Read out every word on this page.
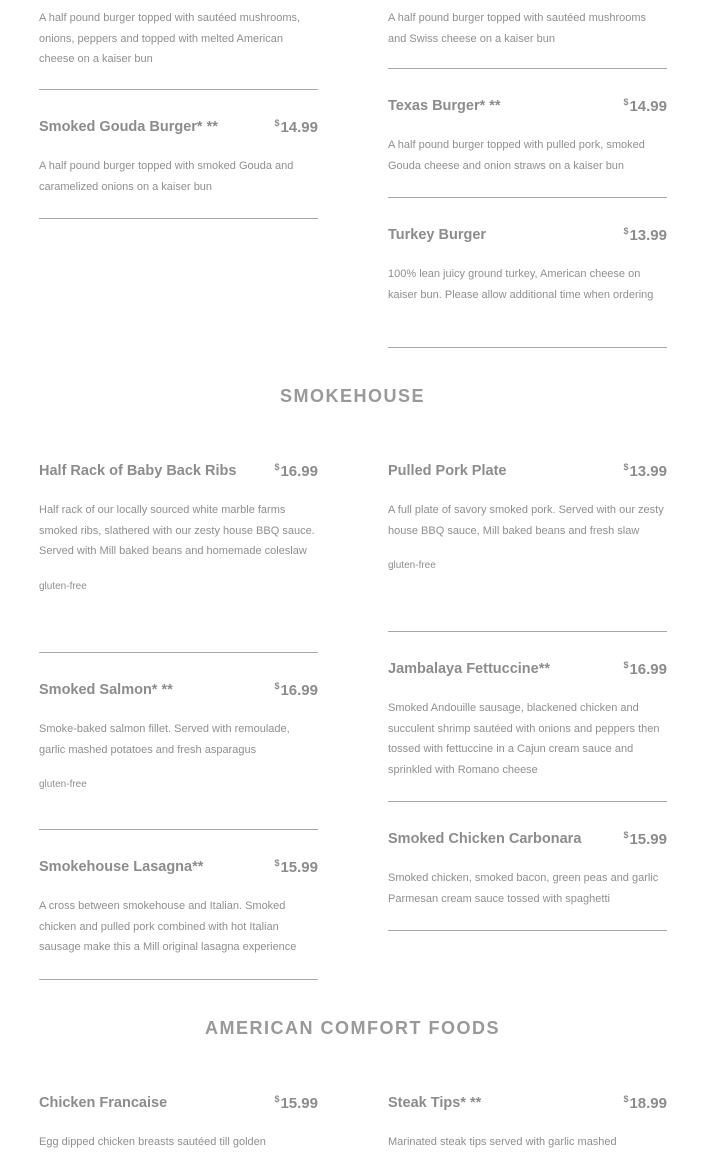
A half pound burger topped with sautéed mushrooms, onions, peppers and topped with melted American cheese on a kaiser bun

Smoked Gouda Burger* **	$14.99

A half pound burger topped with smoked Gouda and caramelized onions on a kaiser bun

A half pound burger topped with sautéed mushrooms and Swiss cheese on a kaiser bun

Texas Burger* **	$14.99

A half pound burger topped with pulled pork, smoked Gouda cheese and onion straws on a kaiser bun

Turkey Burger	$13.99

100% lean juicy ground turkey, American cheese on kaiser bun. Please allow additional time when ordering

SMOKEHOUSE
Half Rack of Baby Back Ribs	$16.99

Half rack of our locally sourced white marble farms smoked ribs, slathered with our zesty house BBQ sauce. Served with Mill baked beans and homemade coleslaw

gluten-free

Smoked Salmon* **	$16.99

Smoke-baked salmon fillet. Served with remoulade, garlic mashed potatoes and fresh asparagus

gluten-free

Smokehouse Lasagna**	$15.99

A cross between smokehouse and Italian. Smoked chicken and pulled pork combined with hot Italian sausage make this a Mill original lasagna experience

Pulled Pork Plate	$13.99

A full plate of savory smoked pork. Served with our zesty house BBQ sauce, Mill baked beans and fresh slaw

gluten-free

Jambalaya Fettuccine**	$16.99

Smoked Andouille sausage, blackened chicken and succulent shrimp sautéed with onions and peppers then tossed with fettuccine in a Cajun cream sauce and sprinkled with Romano cheese

Smoked Chicken Carbonara	$15.99

Smoked chicken, smoked bacon, green peas and garlic Parmesan cream sauce tossed with spaghetti

AMERICAN COMFORT FOODS
Chicken Francaise	$15.99

Egg dipped chicken breasts sautéed till golden

Steak Tips* **	$18.99

Marinated steak tips served with garlic mashed
